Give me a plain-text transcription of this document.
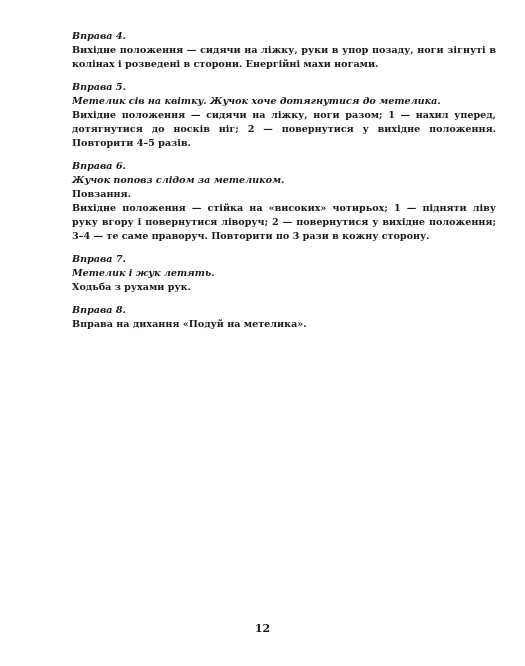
Вправа 4.
Вихідне положення — сидячи на ліжку, руки в упор позаду, ноги зігнуті в колінах і розведені в сторони. Енергійні махи ногами.
Вправа 5.
Метелик сів на квітку. Жучок хоче дотягнутися до метелика.
Вихідне положення — сидячи на ліжку, ноги разом; 1 — нахил уперед, дотягнутися до носків ніг; 2 — повернутися у вихідне положення. Повторити 4–5 разів.
Вправа 6.
Жучок поповз слідом за метеликом.
Повзання.
Вихідне положення — стійка на «високих» чотирьох; 1 — підняти ліву руку вгору і повернутися ліворуч; 2 — повернутися у вихідне положення; 3–4 — те саме праворуч. Повторити по 3 рази в кожну сторону.
Вправа 7.
Метелик і жук летять.
Ходьба з рухами рук.
Вправа 8.
Вправа на дихання «Подуй на метелика».
12
